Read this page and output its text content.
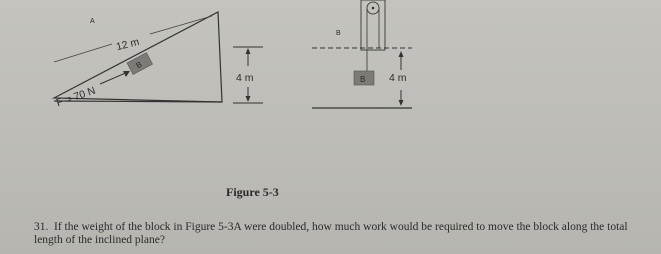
12 m
A
B
F = 70 N
4 m
B
B 4 m
Figure 5-3
31. If the weight of the block in Figure 5-3A were doubled, how much work would be required to move the block along the total length of the inclined plane?
